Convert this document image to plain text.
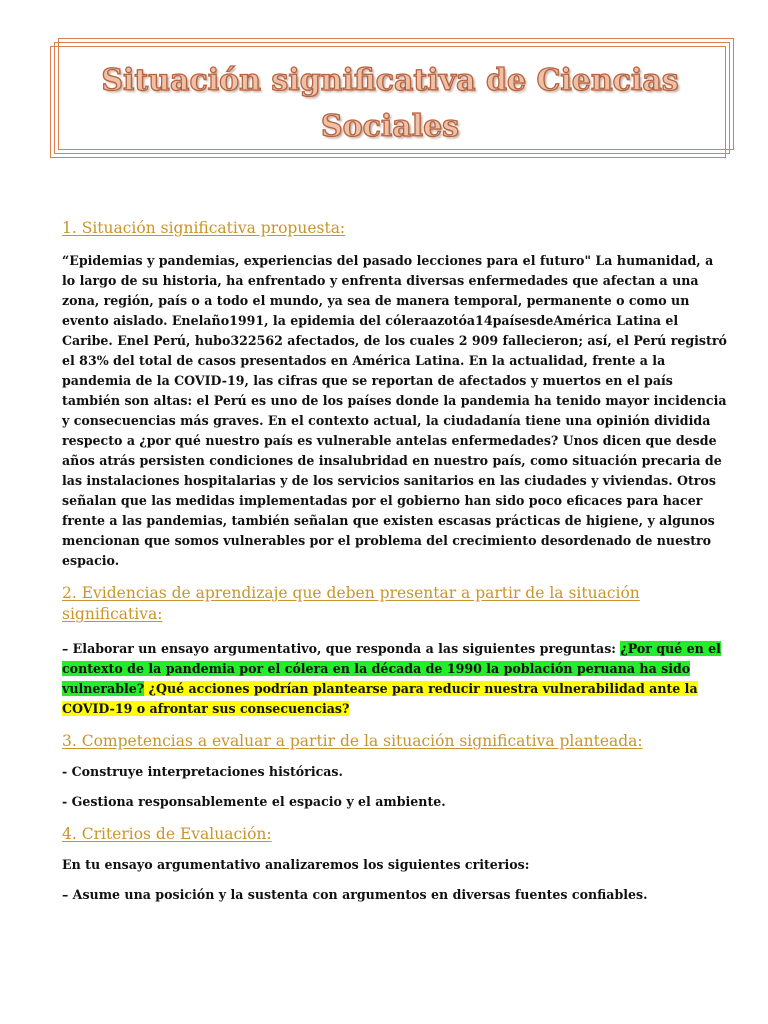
Situación significativa de Ciencias Sociales
1. Situación significativa propuesta:

“Epidemias y pandemias, experiencias del pasado lecciones para el futuro" La humanidad, a lo largo de su historia, ha enfrentado y enfrenta diversas enfermedades que afectan a una zona, región, país o a todo el mundo, ya sea de manera temporal, permanente o como un evento aislado. Enelaño1991, la epidemia del cóleraazotóa14paísesdeAmérica Latina el Caribe. Enel Perú, hubo322562 afectados, de los cuales 2 909 fallecieron; así, el Perú registró el 83% del total de casos presentados en América Latina. En la actualidad, frente a la pandemia de la COVID-19, las cifras que se reportan de afectados y muertos en el país también son altas: el Perú es uno de los países donde la pandemia ha tenido mayor incidencia y consecuencias más graves. En el contexto actual, la ciudadanía tiene una opinión dividida respecto a ¿por qué nuestro país es vulnerable antelas enfermedades? Unos dicen que desde años atrás persisten condiciones de insalubridad en nuestro país, como situación precaria de las instalaciones hospitalarias y de los servicios sanitarios en las ciudades y viviendas. Otros señalan que las medidas implementadas por el gobierno han sido poco eficaces para hacer frente a las pandemias, también señalan que existen escasas prácticas de higiene, y algunos mencionan que somos vulnerables por el problema del crecimiento desordenado de nuestro espacio.

2. Evidencias de aprendizaje que deben presentar a partir de la situación significativa:

– Elaborar un ensayo argumentativo, que responda a las siguientes preguntas: ¿Por qué en el contexto de la pandemia por el cólera en la década de 1990 la población peruana ha sido vulnerable? ¿Qué acciones podrían plantearse para reducir nuestra vulnerabilidad ante la COVID-19 o afrontar sus consecuencias?

3. Competencias a evaluar a partir de la situación significativa planteada:

- Construye interpretaciones históricas.

- Gestiona responsablemente el espacio y el ambiente.

4. Criterios de Evaluación:

En tu ensayo argumentativo analizaremos los siguientes criterios:

– Asume una posición y la sustenta con argumentos en diversas fuentes confiables.
